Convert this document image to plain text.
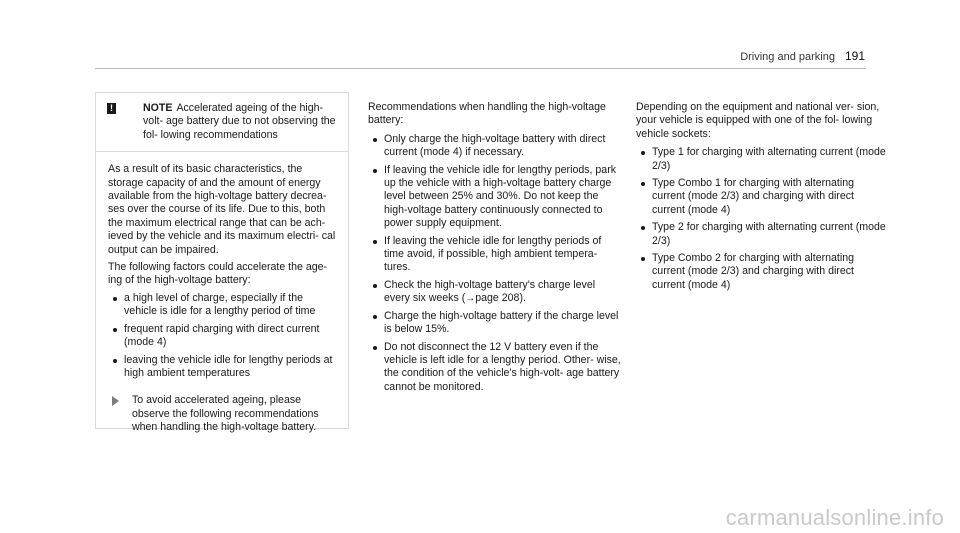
Driving and parking 191
!	NOTE Accelerated ageing of the high-volt- age battery due to not observing the fol- lowing recommendations

As a result of its basic characteristics, the storage capacity of and the amount of energy available from the high-voltage battery decrea- ses over the course of its life. Due to this, both the maximum electrical range that can be ach- ieved by the vehicle and its maximum electri- cal output can be impaired.

The following factors could accelerate the age- ing of the high-voltage battery:

a high level of charge, especially if the vehicle is idle for a lengthy period of time
frequent rapid charging with direct current (mode 4)
leaving the vehicle idle for lengthy periods at high ambient temperatures
To avoid accelerated ageing, please observe the following recommendations when handling the high-voltage battery.

Recommendations when handling the high-voltage battery:

Only charge the high-voltage battery with direct current (mode 4) if necessary.
If leaving the vehicle idle for lengthy periods, park up the vehicle with a high-voltage battery charge level between 25% and 30%. Do not keep the high-voltage battery continuously connected to power supply equipment.
If leaving the vehicle idle for lengthy periods of time avoid, if possible, high ambient tempera- tures.
Check the high-voltage battery's charge level every six weeks (→page 208).
Charge the high-voltage battery if the charge level is below 15%.
Do not disconnect the 12 V battery even if the vehicle is left idle for a lengthy period. Other- wise, the condition of the vehicle's high-volt- age battery cannot be monitored.

Depending on the equipment and national ver- sion, your vehicle is equipped with one of the fol- lowing vehicle sockets:

Type 1 for charging with alternating current (mode 2/3)
Type Combo 1 for charging with alternating current (mode 2/3) and charging with direct current (mode 4)
Type 2 for charging with alternating current (mode 2/3)
Type Combo 2 for charging with alternating current (mode 2/3) and charging with direct current (mode 4)
carmanualsonline.info
